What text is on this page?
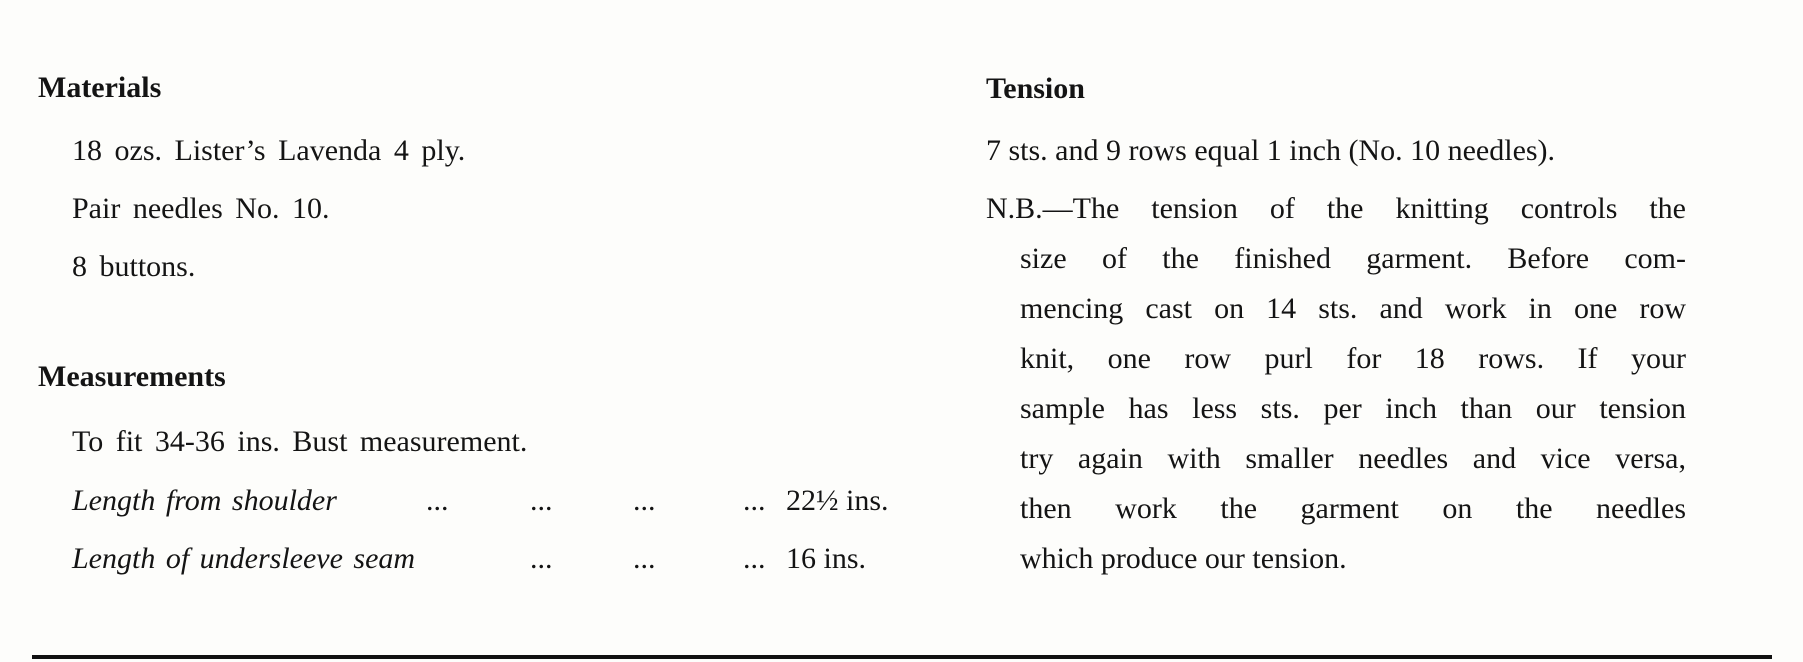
Materials
18 ozs. Lister’s Lavenda 4 ply.
Pair needles No. 10.
8 buttons.
Measurements
To fit 34-36 ins. Bust measurement.
Length from shoulder	...	...	...	... 22½ ins.
Length of undersleeve seam	...	...	... 16 ins.
Tension
7 sts. and 9 rows equal 1 inch (No. 10 needles).
N.B.—The tension of the knitting controls the
size of the finished garment. Before com-
mencing cast on 14 sts. and work in one row
knit, one row purl for 18 rows. If your
sample has less sts. per inch than our tension
try again with smaller needles and vice versa,
then work the garment on the needles
which produce our tension.
